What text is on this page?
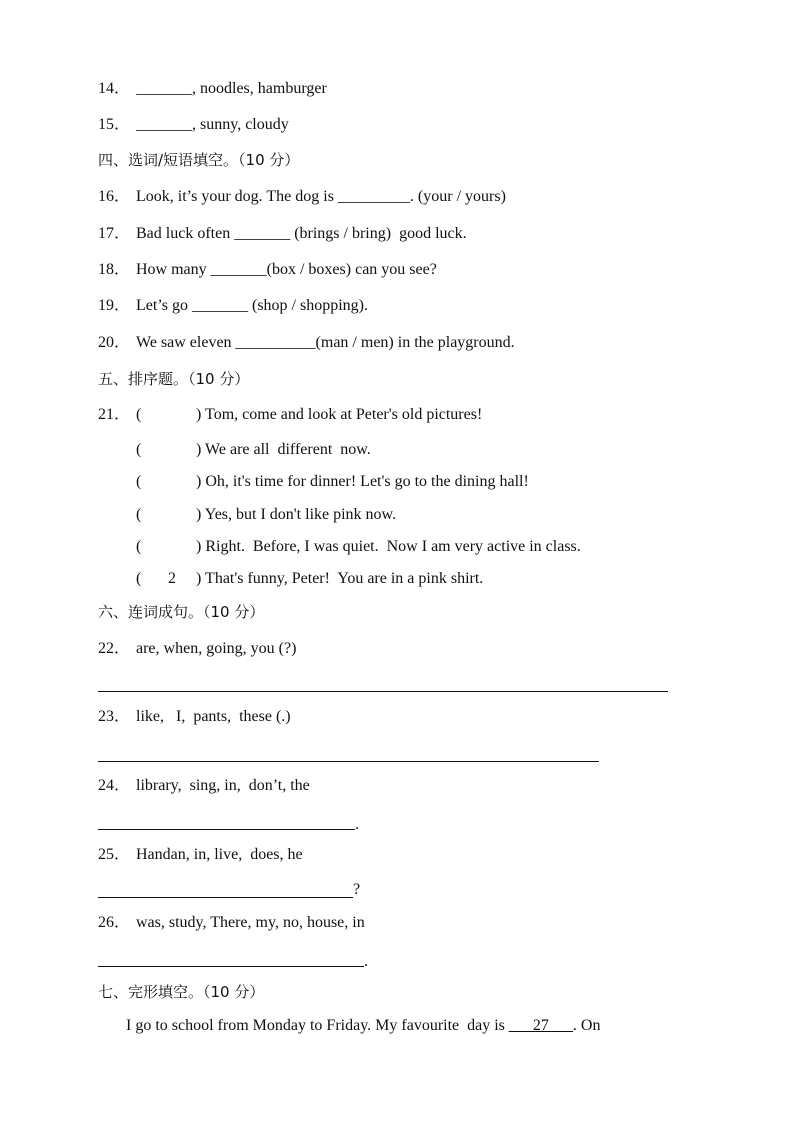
14． _______, noodles, hamburger
15． _______, sunny, cloudy
四、选词/短语填空。（10 分）
16． Look, it’s your dog. The dog is _________. (your / yours)
17． Bad luck often _______ (brings / bring)  good luck.
18． How many _______(box / boxes) can you see?
19． Let’s go _______ (shop / shopping).
20． We saw eleven __________(man / men) in the playground.
五、排序题。（10 分）
21． (	) Tom, come and look at Peter's old pictures!
(	) We are all  different  now.
(	) Oh, it's time for dinner! Let's go to the dining hall!
(	) Yes, but I don't like pink now.
(	) Right.  Before, I was quiet.  Now I am very active in class.
( 2 ) That's funny, Peter!  You are in a pink shirt.
六、连词成句。（10 分）
22． are, when, going, you (?)
23． like,   I,  pants,  these (.)
24． library,  sing, in,  don’t, the
.
25． Handan, in, live,  does, he
?
26． was, study, There, my, no, house, in
.
七、完形填空。（10 分）
I go to school from Monday to Friday. My favourite  day is ___27___. On
